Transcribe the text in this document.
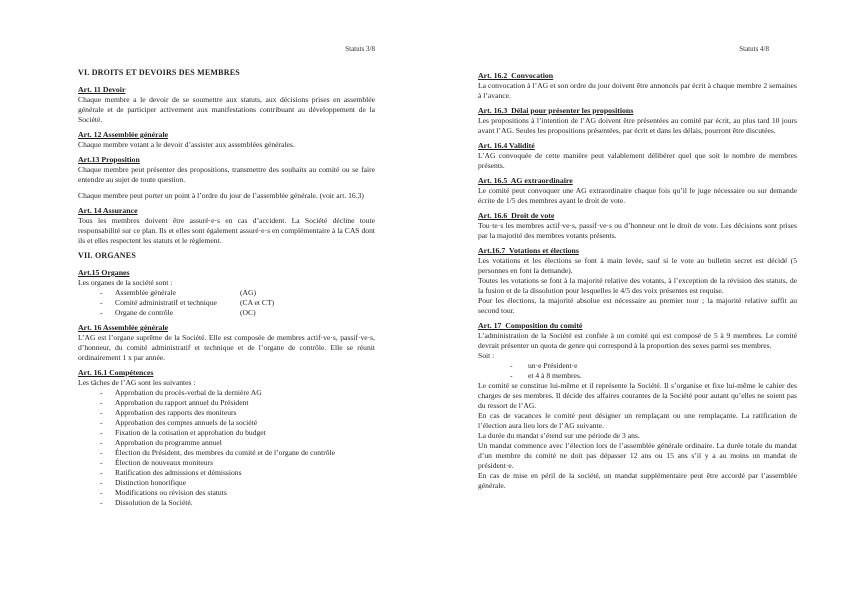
Statuts 3/8
VI. DROITS ET DEVOIRS DES MEMBRES
Art. 11 Devoir

Chaque membre a le devoir de se soumettre aux statuts, aux décisions prises en assemblée générale et de participer activement aux manifestations contribuant au développement de la Société.

Art. 12 Assemblée générale

Chaque membre votant a le devoir d’assister aux assemblées générales.

Art.13 Proposition

Chaque membre peut présenter des propositions, transmettre des souhaits au comité ou se faire entendre au sujet de toute question.

Chaque membre peut porter un point à l’ordre du jour de l’assemblée générale. (voir art. 16.3)

Art. 14 Assurance

Tous les membres doivent être assuré·e·s en cas d’accident. La Société décline toute responsabilité sur ce plan. Ils et elles sont également assuré·e·s en complémentaire à la CAS dont ils et elles respectent les statuts et le règlement.

VII. ORGANES
Art.15 Organes

Les organes de la société sont :

-	Assemblée générale	(AG)
-	Comité administratif et technique	(CA et CT)
-	Organe de contrôle	(OC)
Art. 16 Assemblée générale

L’AG est l’organe suprême de la Société. Elle est composée de membres actif·ve·s, passif·ve·s, d’honneur, du comité administratif et technique et de l’organe de contrôle. Elle se réunit ordinairement 1 x par année.

Art. 16.1 Compétences

Les tâches de l’AG sont les suivantes :

-	Approbation du procès-verbal de la dernière AG
-	Approbation du rapport annuel du Président
-	Approbation des rapports des moniteurs
-	Approbation des comptes annuels de la société
-	Fixation de la cotisation et approbation du budget
-	Approbation du programme annuel
-	Élection du Président, des membres du comité et de l’organe de contrôle
-	Élection de nouveaux moniteurs
-	Ratification des admissions et démissions
-	Distinction honorifique
-	Modifications ou révision des statuts
-	Dissolution de la Société.
Statuts 4/8
Art. 16.2  Convocation

La convocation à l’AG et son ordre du jour doivent être annoncés par écrit à chaque membre 2 semaines à l’avance.

Art. 16.3  Délai pour présenter les propositions

Les propositions à l’intention de l’AG doivent être présentées au comité par écrit, au plus tard 10 jours avant l’AG. Seules les propositions présentées, par écrit et dans les délais, pourront être discutées.

Art. 16.4 Validité

L’AG convoquée de cette manière peut valablement délibérer quel que soit le nombre de membres présents.

Art. 16.5  AG extraordinaire

Le comité peut convoquer une AG extraordinaire chaque fois qu’il le juge nécessaire ou sur demande écrite de 1/5 des membres ayant le droit de vote.

Art. 16.6  Droit de vote

Tou·te·s les membres actif·ve·s, passif·ve·s ou d’honneur ont le droit de vote. Les décisions sont prises par la majorité des membres votants présents.

Art.16.7  Votations et élections

Les votations et les élections se font à main levée, sauf si le vote au bulletin secret est décidé (5 personnes en font la demande).

Toutes les votations se font à la majorité relative des votants, à l’exception de la révision des statuts, de la fusion et de la dissolution pour lesquelles le 4/5 des voix présentes est requise.

Pour les élections, la majorité absolue est nécessaire au premier tour ; la majorité relative suffit au second tour.

Art. 17  Composition du comité

L’administration de la Société est confiée à un comité qui est composé de 5 à 9 membres. Le comité devrait présenter un quota de genre qui correspond à la proportion des sexes parmi ses membres.

Soit :

-	un·e Président·e
-	et 4 à 8 membres.

Le comité se constitue lui-même et il représente la Société. Il s’organise et fixe lui-même le cahier des charges de ses membres. Il décide des affaires courantes de la Société pour autant qu’elles ne soient pas du ressort de l’AG.

En cas de vacances le comité peut désigner un remplaçant ou une remplaçante. La ratification de l’élection aura lieu lors de l’AG suivante.

La durée du mandat s’étend sur une période de 3 ans.

Un mandat commence avec l’élection lors de l’assemblée générale ordinaire. La durée totale du mandat d’un membre du comité ne doit pas dépasser 12 ans ou 15 ans s’il y a au moins un mandat de président·e.

En cas de mise en péril de la société, un mandat supplémentaire peut être accordé par l’assemblée générale.
